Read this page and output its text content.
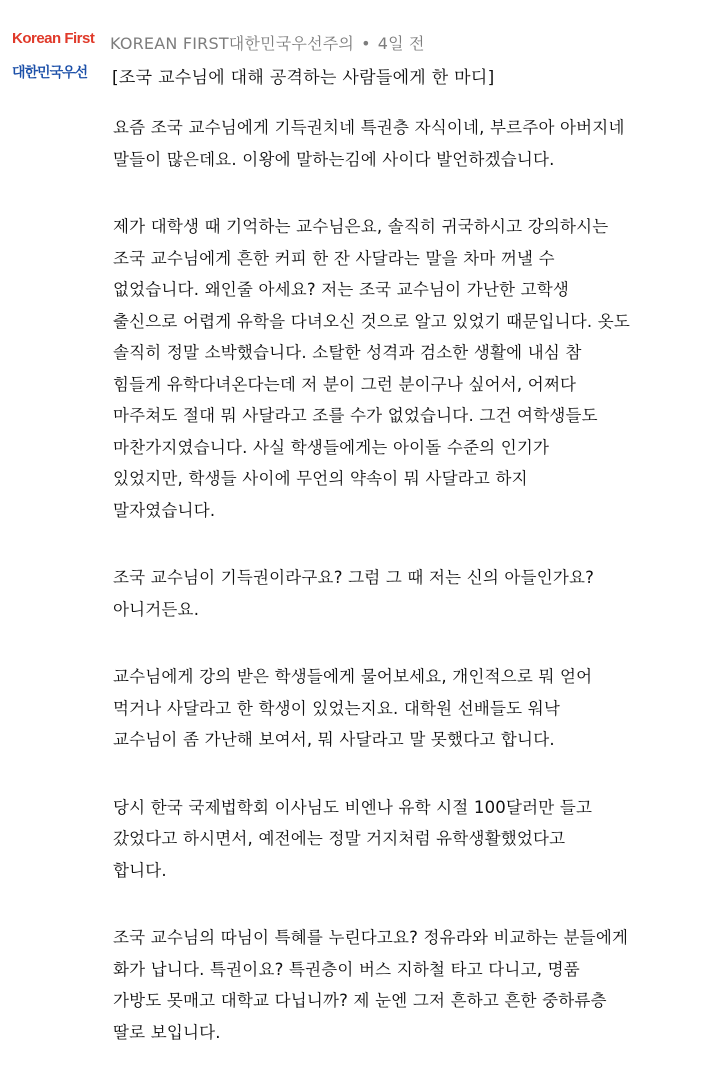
Korean First
대한민국우선
KOREAN FIRST대한민국우선주의 • 4일 전
[조국 교수님에 대해 공격하는 사람들에게 한 마디]
요즘 조국 교수님에게 기득권치네 특권층 자식이네, 부르주아 아버지네
말들이 많은데요. 이왕에 말하는김에 사이다 발언하겠습니다.
제가 대학생 때 기억하는 교수님은요, 솔직히 귀국하시고 강의하시는
조국 교수님에게 흔한 커피 한 잔 사달라는 말을 차마 꺼낼 수
없었습니다. 왜인줄 아세요? 저는 조국 교수님이 가난한 고학생
출신으로 어렵게 유학을 다녀오신 것으로 알고 있었기 때문입니다. 옷도
솔직히 정말 소박했습니다. 소탈한 성격과 검소한 생활에 내심 참
힘들게 유학다녀온다는데 저 분이 그런 분이구나 싶어서, 어쩌다
마주쳐도 절대 뭐 사달라고 조를 수가 없었습니다. 그건 여학생들도
마찬가지였습니다. 사실 학생들에게는 아이돌 수준의 인기가
있었지만, 학생들 사이에 무언의 약속이 뭐 사달라고 하지
말자였습니다.
조국 교수님이 기득권이라구요? 그럼 그 때 저는 신의 아들인가요?
아니거든요.
교수님에게 강의 받은 학생들에게 물어보세요, 개인적으로 뭐 얻어
먹거나 사달라고 한 학생이 있었는지요. 대학원 선배들도 워낙
교수님이 좀 가난해 보여서, 뭐 사달라고 말 못했다고 합니다.
당시 한국 국제법학회 이사님도 비엔나 유학 시절 100달러만 들고
갔었다고 하시면서, 예전에는 정말 거지처럼 유학생활했었다고
합니다.
조국 교수님의 따님이 특혜를 누린다고요? 정유라와 비교하는 분들에게
화가 납니다. 특권이요? 특권층이 버스 지하철 타고 다니고, 명품
가방도 못매고 대학교 다닙니까? 제 눈엔 그저 흔하고 흔한 중하류층
딸로 보입니다.
